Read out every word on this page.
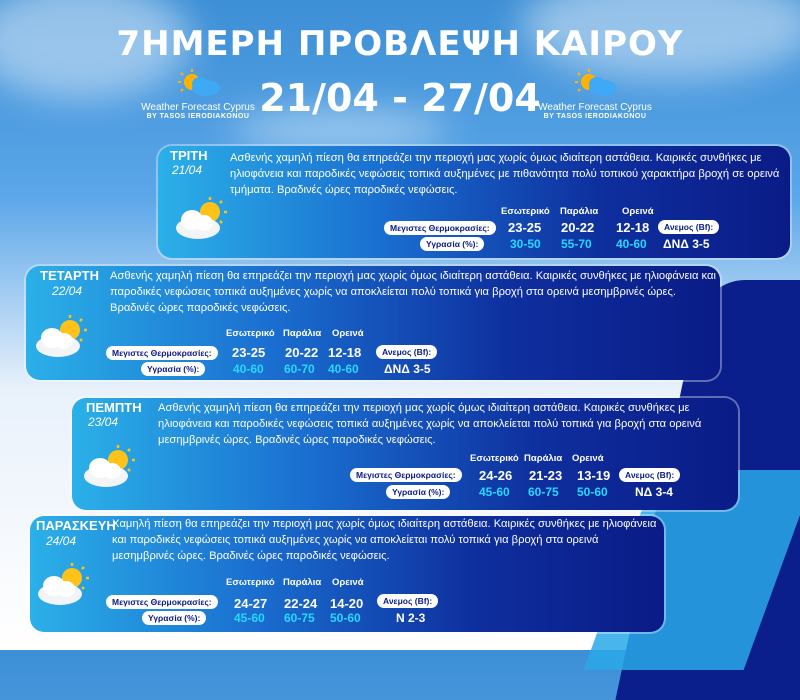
7ΗΜΕΡΗ ΠΡΟΒΛΕΨΗ ΚΑΙΡΟΥ
21/04 - 27/04
Weather Forecast Cyprus
BY TASOS IERODIAKONOU
Weather Forecast Cyprus
BY TASOS IERODIAKONOU
ΤΡΙΤΗ
21/04
Ασθενής χαμηλή πίεση θα επηρεάζει την περιοχή μας χωρίς όμως ιδιαίτερη αστάθεια. Καιρικές συνθήκες με ηλιοφάνεια και παροδικές νεφώσεις τοπικά αυξημένες με πιθανότητα πολύ τοπικού χαρακτήρα βροχή σε ορεινά τμήματα. Βραδινές ώρες παροδικές νεφώσεις.
Εσωτερικό Παράλια	Ορεινά
Μεγιστες Θερμοκρασίες:
Υγρασία (%):
23-25 20-22 12-18
30-50 55-70 40-60
Ανεμος (Bf):
ΔΝΔ 3-5
ΤΕΤΑΡΤΗ
22/04
Ασθενής χαμηλή πίεση θα επηρεάζει την περιοχή μας χωρίς όμως ιδιαίτερη αστάθεια. Καιρικές συνθήκες με ηλιοφάνεια και παροδικές νεφώσεις τοπικά αυξημένες χωρίς να αποκλείεται πολύ τοπικά για βροχή στα ορεινά μεσημβρινές ώρες. Βραδινές ώρες παροδικές νεφώσεις.
Εσωτερικό Παράλια Ορεινά
Μεγιστες Θερμοκρασίες:
Υγρασία (%):
23-25 20-22 12-18
40-60 60-70 40-60
Ανεμος (Bf):
ΔΝΔ 3-5
ΠΕΜΠΤΗ
23/04
Ασθενής χαμηλή πίεση θα επηρεάζει την περιοχή μας χωρίς όμως ιδιαίτερη αστάθεια. Καιρικές συνθήκες με ηλιοφάνεια και παροδικές νεφώσεις τοπικά αυξημένες χωρίς να αποκλείεται πολύ τοπικά για βροχή στα ορεινά μεσημβρινές ώρες. Βραδινές ώρες παροδικές νεφώσεις.
Εσωτερικό Παράλια Ορεινά
Μεγιστες Θερμοκρασίες:
Υγρασία (%):
24-26 21-23 13-19
45-60 60-75 50-60
Ανεμος (Bf):
ΝΔ 3-4
ΠΑΡΑΣΚΕΥΗ
24/04
Χαμηλή πίεση θα επηρεάζει την περιοχή μας χωρίς όμως ιδιαίτερη αστάθεια. Καιρικές συνθήκες με ηλιοφάνεια και παροδικές νεφώσεις τοπικά αυξημένες χωρίς να αποκλείεται πολύ τοπικά για βροχή στα ορεινά μεσημβρινές ώρες. Βραδινές ώρες παροδικές νεφώσεις.
Εσωτερικό Παράλια Ορεινά
Μεγιστες Θερμοκρασίες:
Υγρασία (%):
24-27 22-24 14-20
45-60 60-75 50-60
Ανεμος (Bf):
Ν 2-3
